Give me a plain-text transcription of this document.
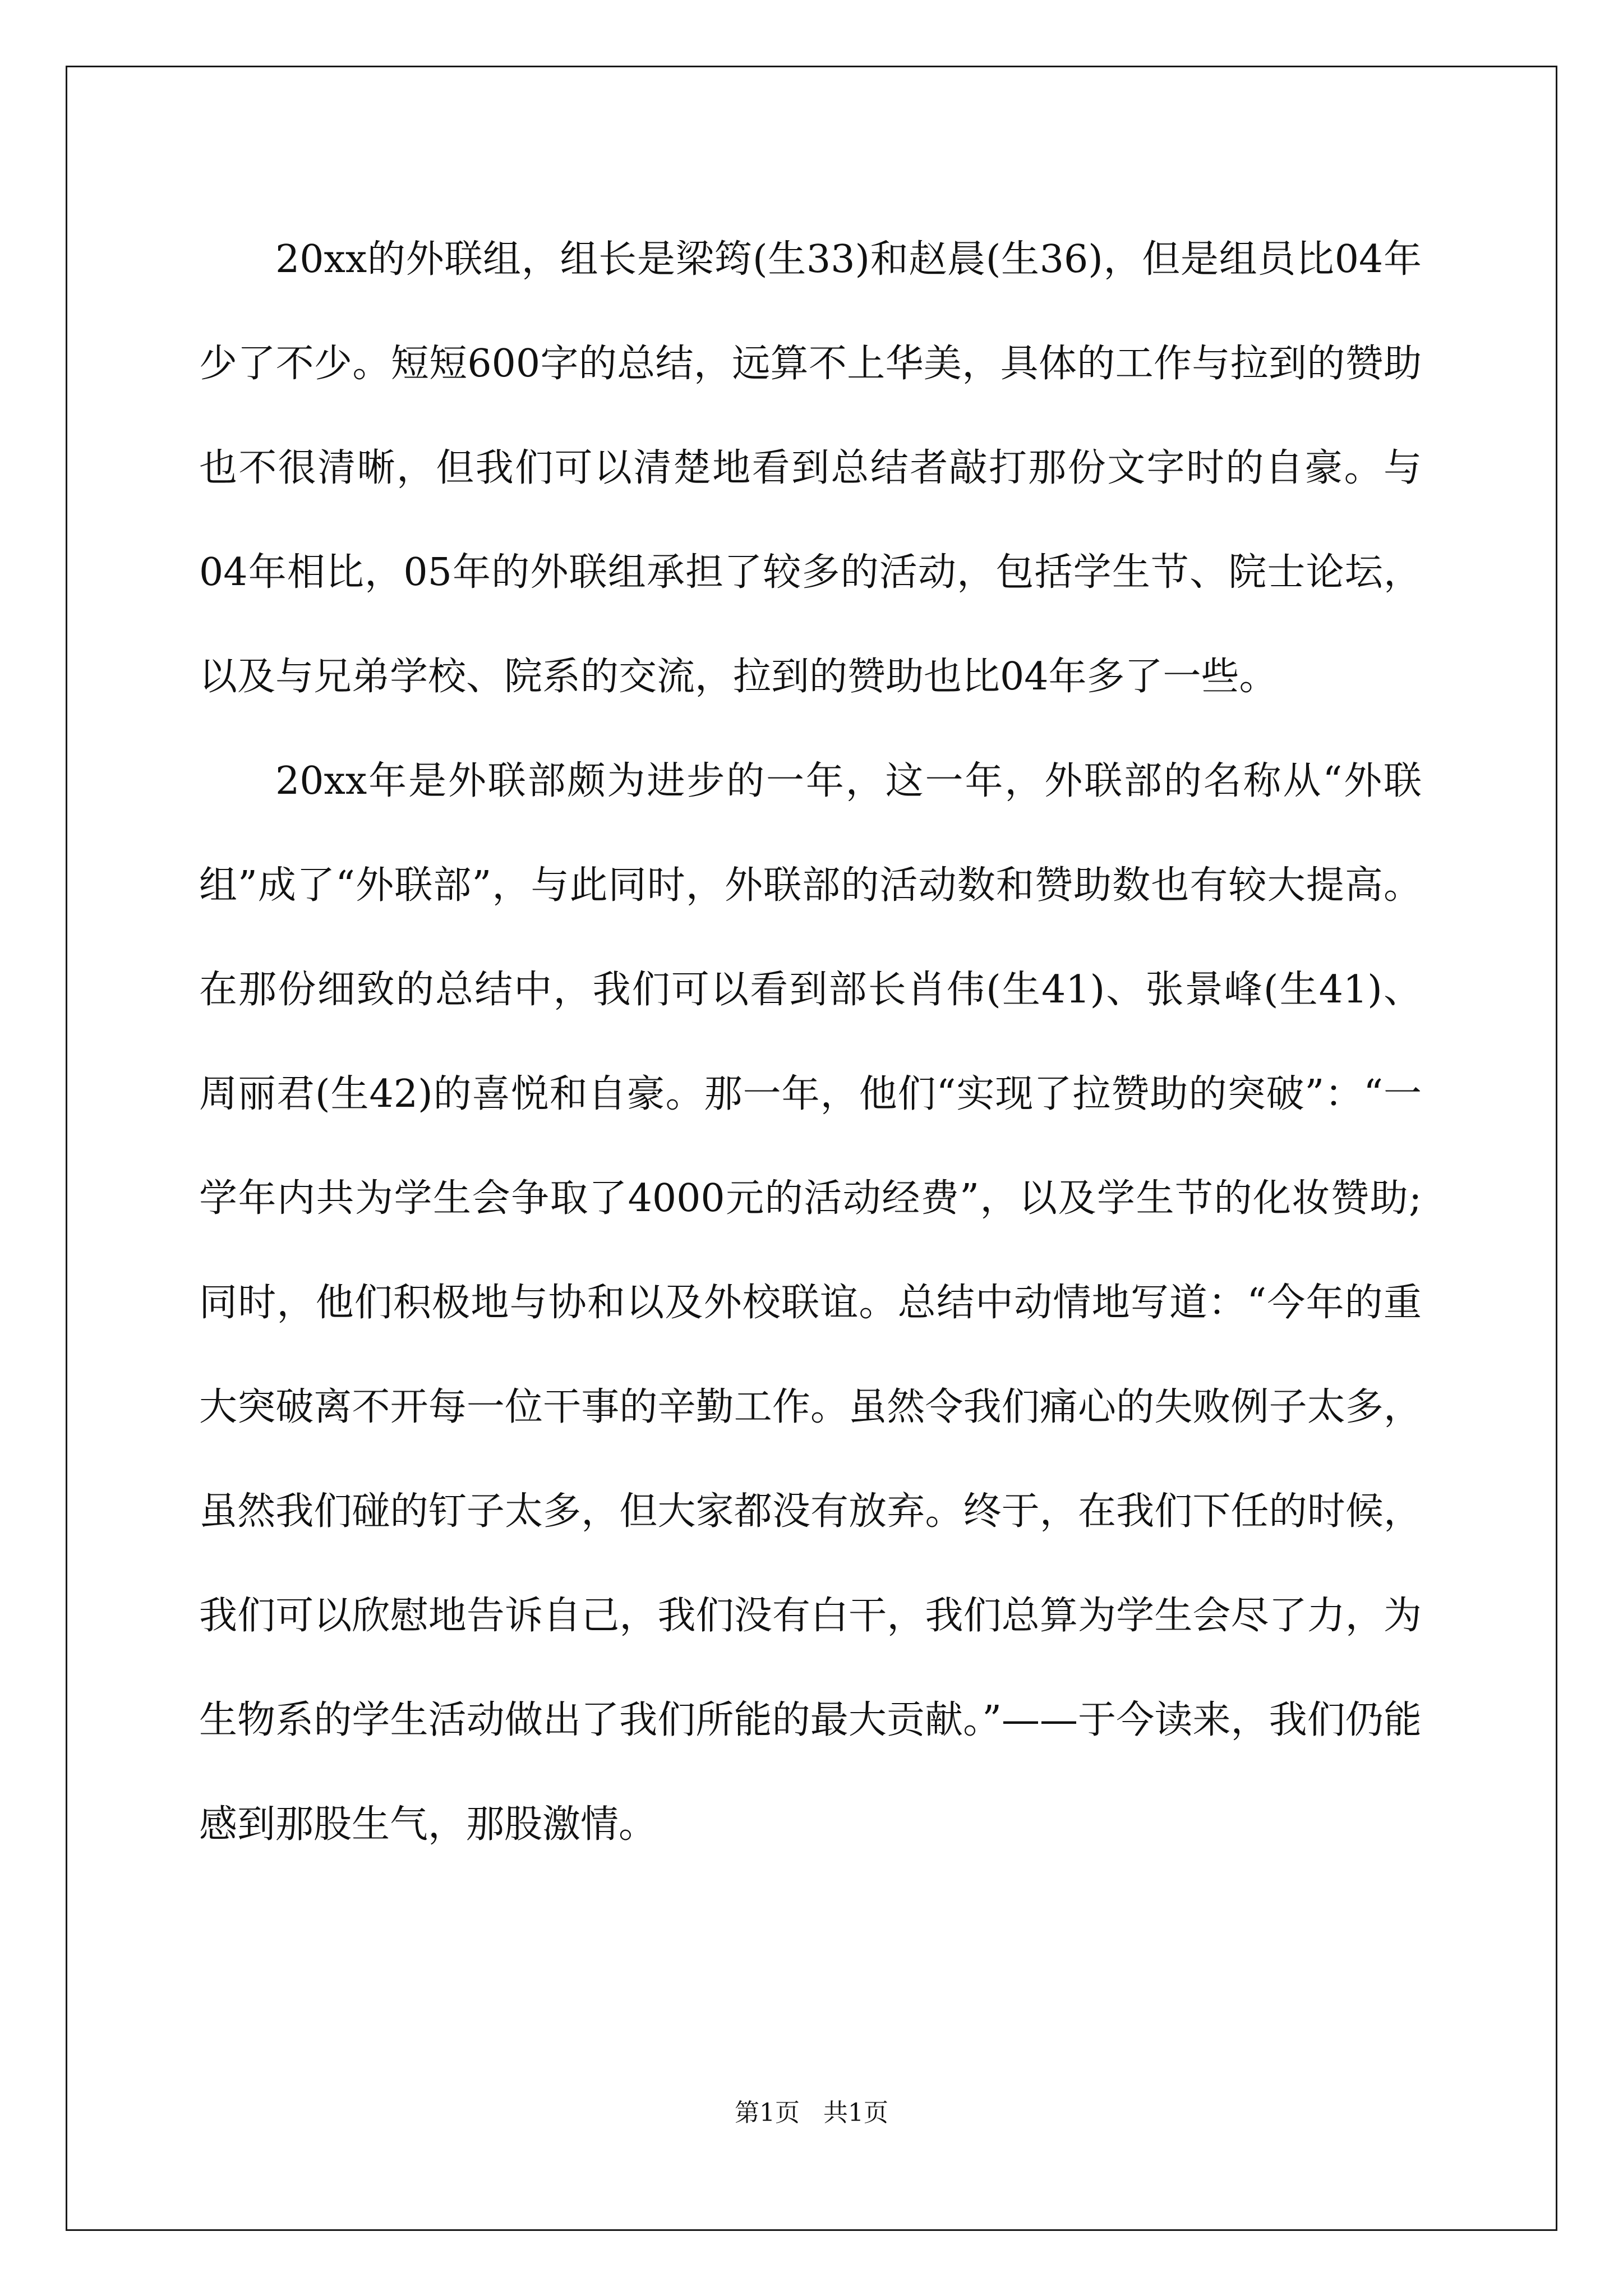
20xx的外联组，组长是梁筠(生33)和赵晨(生36)，但是组员比04年少了不少。短短600字的总结，远算不上华美，具体的工作与拉到的赞助也不很清晰，但我们可以清楚地看到总结者敲打那份文字时的自豪。与04年相比，05年的外联组承担了较多的活动，包括学生节、院士论坛，以及与兄弟学校、院系的交流，拉到的赞助也比04年多了一些。

20xx年是外联部颇为进步的一年，这一年，外联部的名称从“外联组”成了“外联部”，与此同时，外联部的活动数和赞助数也有较大提高。在那份细致的总结中，我们可以看到部长肖伟(生41)、张景峰(生41)、周丽君(生42)的喜悦和自豪。那一年，他们“实现了拉赞助的突破”：“一学年内共为学生会争取了4000元的活动经费”，以及学生节的化妆赞助;同时，他们积极地与协和以及外校联谊。总结中动情地写道：“今年的重大突破离不开每一位干事的辛勤工作。虽然令我们痛心的失败例子太多，虽然我们碰的钉子太多，但大家都没有放弃。终于，在我们下任的时候，我们可以欣慰地告诉自己，我们没有白干，我们总算为学生会尽了力，为生物系的学生活动做出了我们所能的最大贡献。”——于今读来，我们仍能感到那股生气，那股激情。

第1页 共1页
